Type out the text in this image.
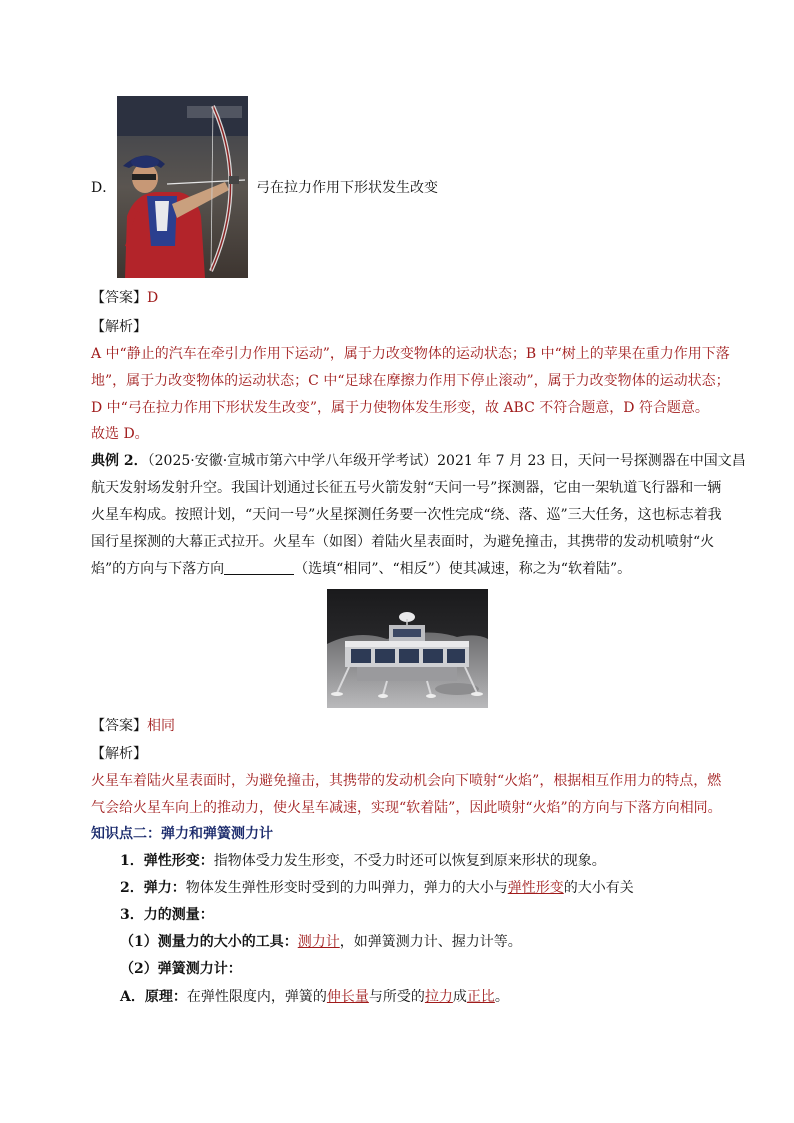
D．	弓在拉力作用下形状发生改变
【答案】D
【解析】
A 中“静止的汽车在牵引力作用下运动”，属于力改变物体的运动状态；B 中“树上的苹果在重力作用下落
地”，属于力改变物体的运动状态；C 中“足球在摩擦力作用下停止滚动”，属于力改变物体的运动状态；
D 中“弓在拉力作用下形状发生改变”，属于力使物体发生形变，故 ABC 不符合题意，D 符合题意。
故选 D。
典例 2．（2025·安徽·宣城市第六中学八年级开学考试）2021 年 7 月 23 日，天问一号探测器在中国文昌
航天发射场发射升空。我国计划通过长征五号火箭发射“天问一号”探测器，它由一架轨道飞行器和一辆
火星车构成。按照计划，“天问一号”火星探测任务要一次性完成“绕、落、巡”三大任务，这也标志着我
国行星探测的大幕正式拉开。火星车（如图）着陆火星表面时，为避免撞击，其携带的发动机喷射“火
焰”的方向与下落方向	（选填“相同”、“相反”）使其减速，称之为“软着陆”。
【答案】相同
【解析】
火星车着陆火星表面时，为避免撞击，其携带的发动机会向下喷射“火焰”，根据相互作用力的特点，燃
气会给火星车向上的推动力，使火星车减速，实现“软着陆”，因此喷射“火焰”的方向与下落方向相同。
知识点二：弹力和弹簧测力计
1．弹性形变：指物体受力发生形变，不受力时还可以恢复到原来形状的现象。
2．弹力：物体发生弹性形变时受到的力叫弹力，弹力的大小与弹性形变的大小有关
3．力的测量：
（1）测量力的大小的工具：测力计，如弹簧测力计、握力计等。
（2）弹簧测力计：
A．原理：在弹性限度内，弹簧的伸长量与所受的拉力成正比。
